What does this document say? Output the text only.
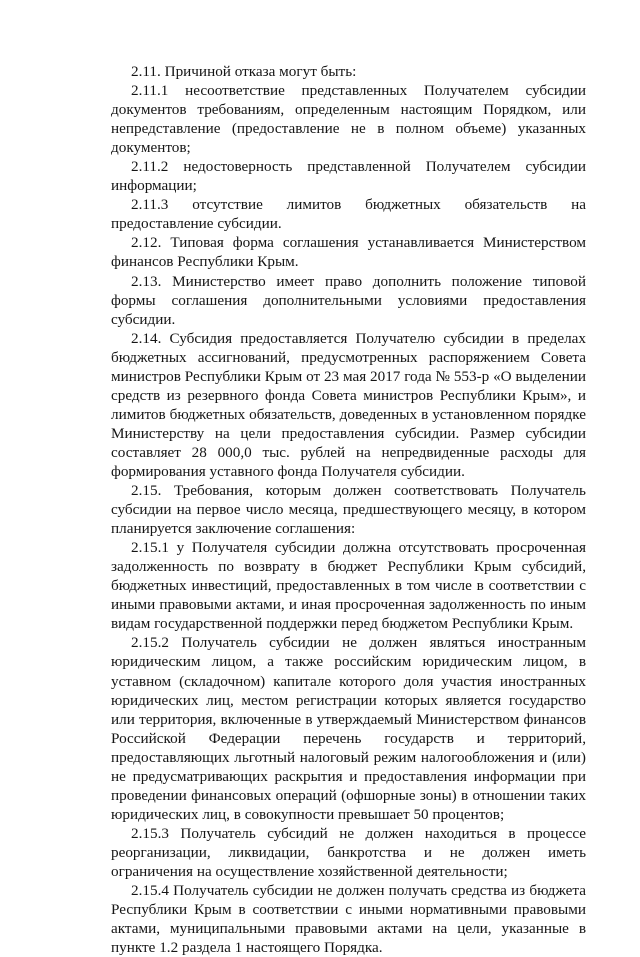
2.11. Причиной отказа могут быть:

2.11.1 несоответствие представленных Получателем субсидии документов требованиям, определенным настоящим Порядком, или непредставление (предоставление не в полном объеме) указанных документов;

2.11.2 недостоверность представленной Получателем субсидии информации;

2.11.3 отсутствие лимитов бюджетных обязательств на предоставление субсидии.

2.12. Типовая форма соглашения устанавливается Министерством финансов Республики Крым.

2.13. Министерство имеет право дополнить положение типовой формы соглашения дополнительными условиями предоставления субсидии.

2.14. Субсидия предоставляется Получателю субсидии в пределах бюджетных ассигнований, предусмотренных распоряжением Совета министров Республики Крым от 23 мая 2017 года № 553-р «О выделении средств из резервного фонда Совета министров Республики Крым», и лимитов бюджетных обязательств, доведенных в установленном порядке Министерству на цели предоставления субсидии. Размер субсидии составляет 28 000,0 тыс. рублей на непредвиденные расходы для формирования уставного фонда Получателя субсидии.

2.15. Требования, которым должен соответствовать Получатель субсидии на первое число месяца, предшествующего месяцу, в котором планируется заключение соглашения:

2.15.1 у Получателя субсидии должна отсутствовать просроченная задолженность по возврату в бюджет Республики Крым субсидий, бюджетных инвестиций, предоставленных в том числе в соответствии с иными правовыми актами, и иная просроченная задолженность по иным видам государственной поддержки перед бюджетом Республики Крым.

2.15.2 Получатель субсидии не должен являться иностранным юридическим лицом, а также российским юридическим лицом, в уставном (складочном) капитале которого доля участия иностранных юридических лиц, местом регистрации которых является государство или территория, включенные в утверждаемый Министерством финансов Российской Федерации перечень государств и территорий, предоставляющих льготный налоговый режим налогообложения и (или) не предусматривающих раскрытия и предоставления информации при проведении финансовых операций (офшорные зоны) в отношении таких юридических лиц, в совокупности превышает 50 процентов;

2.15.3 Получатель субсидий не должен находиться в процессе реорганизации, ликвидации, банкротства и не должен иметь ограничения на осуществление хозяйственной деятельности;

2.15.4 Получатель субсидии не должен получать средства из бюджета Республики Крым в соответствии с иными нормативными правовыми актами, муниципальными правовыми актами на цели, указанные в пункте 1.2 раздела 1 настоящего Порядка.
